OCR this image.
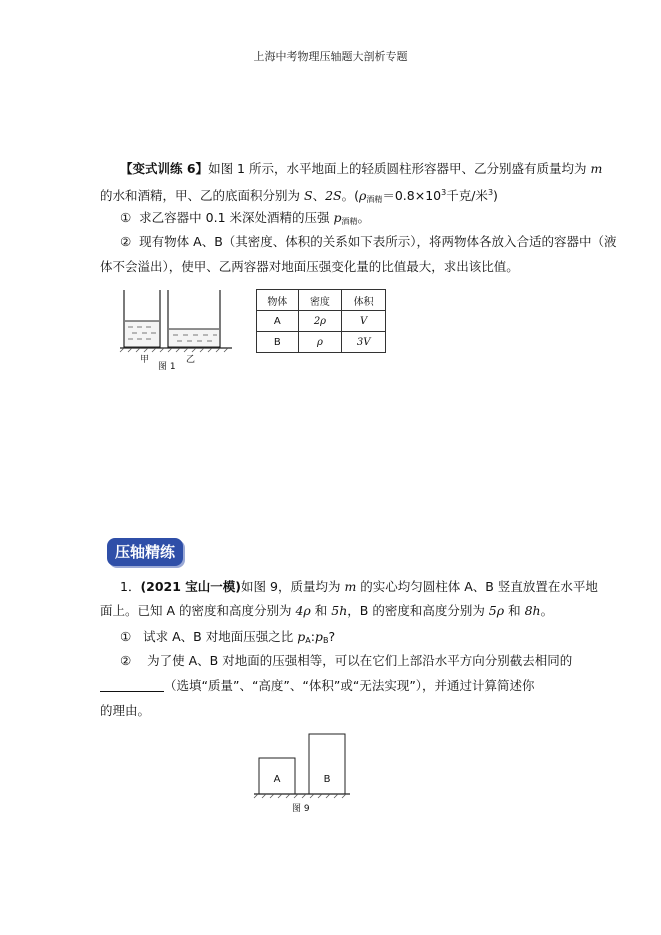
上海中考物理压轴题大剖析专题
【变式训练 6】如图 1 所示，水平地面上的轻质圆柱形容器甲、乙分别盛有质量均为 m
的水和酒精，甲、乙的底面积分别为 S、2S。($\rho_{酒精}=0.8\times 10^3$千克/米$^3$)
① 求乙容器中 0.1 米深处酒精的压强 $p_{酒精}$。
② 现有物体 A、B（其密度、体积的关系如下表所示），将两物体各放入合适的容器中（液
体不会溢出），使甲、乙两容器对地面压强变化量的比值最大，求出该比值。
甲	乙
图 1
物体	密度	体积
A	2ρ	V
B	ρ	3V
压轴精练
1．(2021 宝山一模)如图 9，质量均为 m 的实心均匀圆柱体 A、B 竖直放置在水平地
面上。已知 A 的密度和高度分别为 4ρ 和 5h，B 的密度和高度分别为 5ρ 和 8h。
① 试求 A、B 对地面压强之比 $p_A:p_B$?
② 为了使 A、B 对地面的压强相等，可以在它们上部沿水平方向分别截去相同的
（选填“质量”、“高度”、“体积”或“无法实现”），并通过计算简述你
的理由。
A	B
图 9
